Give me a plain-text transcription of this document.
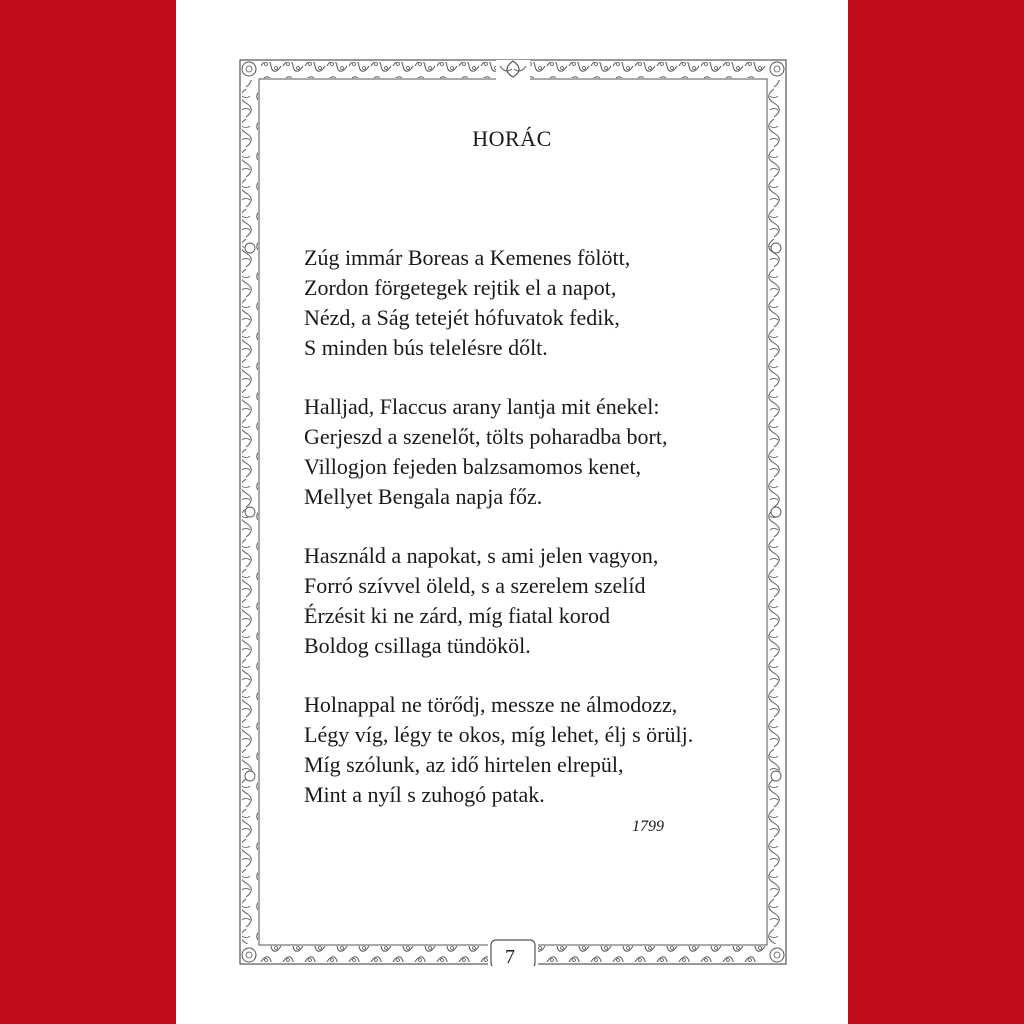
HORÁC
Zúg immár Boreas a Kemenes fölött,
Zordon förgetegek rejtik el a napot,
Nézd, a Ság tetejét hófuvatok fedik,
S minden bús telelésre dőlt.
Halljad, Flaccus arany lantja mit énekel:
Gerjeszd a szenelőt, tölts poharadba bort,
Villogjon fejeden balzsamomos kenet,
Mellyet Bengala napja főz.
Használd a napokat, s ami jelen vagyon,
Forró szívvel öleld, s a szerelem szelíd
Érzésit ki ne zárd, míg fiatal korod
Boldog csillaga tündököl.
Holnappal ne törődj, messze ne álmodozz,
Légy víg, légy te okos, míg lehet, élj s örülj.
Míg szólunk, az idő hirtelen elrepül,
Mint a nyíl s zuhogó patak.
1799
7
